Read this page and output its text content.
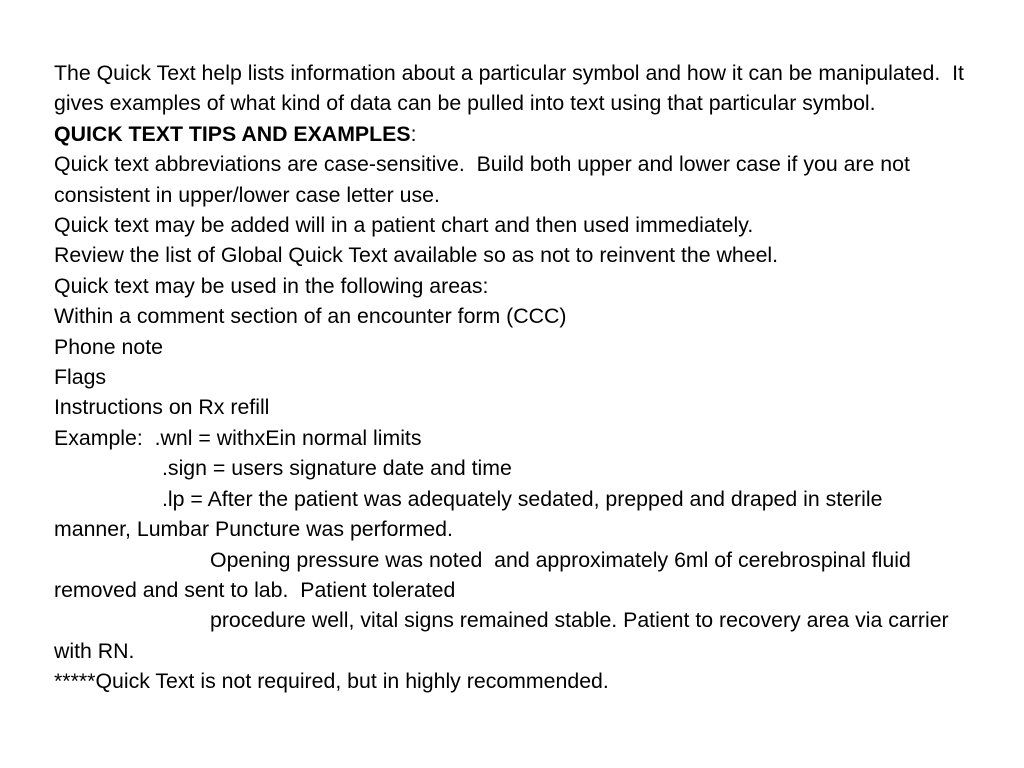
The Quick Text help lists information about a particular symbol and how it can be manipulated.  It gives examples of what kind of data can be pulled into text using that particular symbol.

QUICK TEXT TIPS AND EXAMPLES:

Quick text abbreviations are case-sensitive.  Build both upper and lower case if you are not consistent in upper/lower case letter use.

Quick text may be added will in a patient chart and then used immediately.

Review the list of Global Quick Text available so as not to reinvent the wheel.

Quick text may be used in the following areas:

Within a comment section of an encounter form (CCC)

Phone note

Flags

Instructions on Rx refill

Example:  .wnl = withxEin normal limits

.sign = users signature date and time

.lp = After the patient was adequately sedated, prepped and draped in sterile manner, Lumbar Puncture was performed.

Opening pressure was noted  and approximately 6ml of cerebrospinal fluid removed and sent to lab.  Patient tolerated

procedure well, vital signs remained stable. Patient to recovery area via carrier with RN.

*****Quick Text is not required, but in highly recommended.
